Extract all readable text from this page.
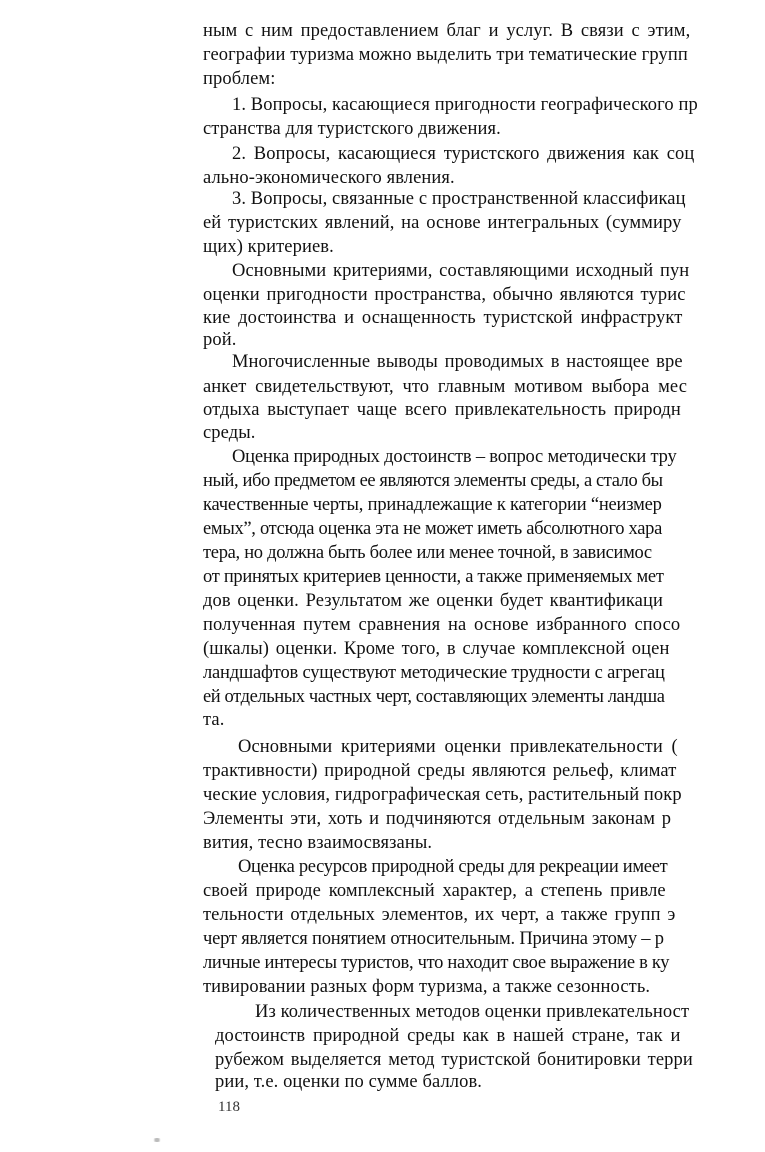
ным с ним предоставлением благ и услуг. В связи с этим,
географии туризма можно выделить три тематические групп
проблем:
1. Вопросы, касающиеся пригодности географического пр
странства для туристского движения.
2. Вопросы, касающиеся туристского движения как соц
ально-экономического явления.
3. Вопросы, связанные с пространственной классификац
ей туристских явлений, на основе интегральных (суммиру
щих) критериев.
Основными критериями, составляющими исходный пун
оценки пригодности пространства, обычно являются турис
кие достоинства и оснащенность туристской инфраструкт
рой.
Многочисленные выводы проводимых в настоящее вре
анкет свидетельствуют, что главным мотивом выбора мес
отдыха выступает чаще всего привлекательность природн
среды.
Оценка природных достоинств – вопрос методически тру
ный, ибо предметом ее являются элементы среды, а стало бы
качественные черты, принадлежащие к категории “неизмер
емых”, отсюда оценка эта не может иметь абсолютного хара
тера, но должна быть более или менее точной, в зависимос
от принятых критериев ценности, а также применяемых мет
дов оценки. Результатом же оценки будет квантификаци
полученная путем сравнения на основе избранного спосо
(шкалы) оценки. Кроме того, в случае комплексной оцен
ландшафтов существуют методические трудности с агрегац
ей отдельных частных черт, составляющих элементы ландша
та.
Основными критериями оценки привлекательности (
трактивности) природной среды являются рельеф, климат
ческие условия, гидрографическая сеть, растительный покр
Элементы эти, хоть и подчиняются отдельным законам р
вития, тесно взаимосвязаны.
Оценка ресурсов природной среды для рекреации имеет
своей природе комплексный характер, а степень привле
тельности отдельных элементов, их черт, а также групп э
черт является понятием относительным. Причина этому – р
личные интересы туристов, что находит свое выражение в ку
тивировании разных форм туризма, а также сезонность.
Из количественных методов оценки привлекательност
достоинств природной среды как в нашей стране, так и
рубежом выделяется метод туристской бонитировки терри
рии, т.е. оценки по сумме баллов.
118
